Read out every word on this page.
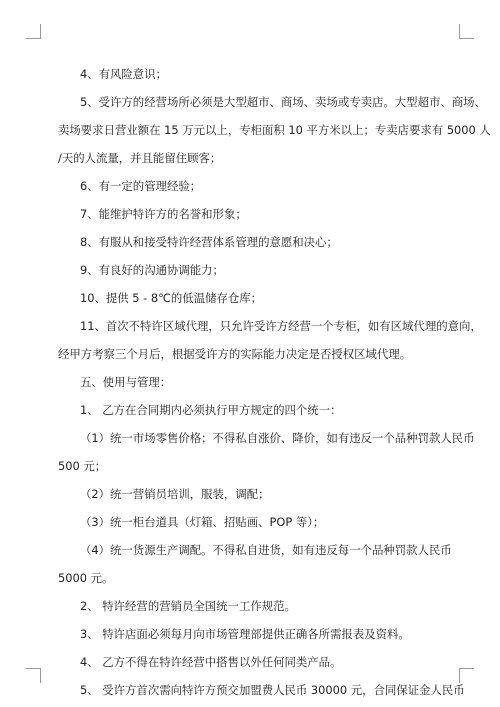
4、有风险意识；

5、受许方的经营场所必须是大型超市、商场、卖场或专卖店。大型超市、商场、

卖场要求日营业额在 15 万元以上，专柜面积 10 平方米以上；专卖店要求有 5000 人

/天的人流量，并且能留住顾客；

6、有一定的管理经验；

7、能维护特许方的名誉和形象；

8、有服从和接受特许经营体系管理的意愿和决心；

9、有良好的沟通协调能力；

10、提供 5 - 8℃的低温储存仓库；

11、首次不特许区域代理，只允许受许方经营一个专柜，如有区域代理的意向，

经甲方考察三个月后，根据受许方的实际能力决定是否授权区域代理。

五、使用与管理：

1、 乙方在合同期内必须执行甲方规定的四个统一：

（1）统一市场零售价格；不得私自涨价、降价，如有违反一个品种罚款人民币

500 元；

（2）统一营销员培训，服装，调配；

（3）统一柜台道具（灯箱、招贴画、POP 等）；

（4）统一货源生产调配。不得私自进货，如有违反每一个品种罚款人民币

5000 元。

2、 特许经营的营销员全国统一工作规范。

3、 特许店面必须每月向市场管理部提供正确各所需报表及资料。

4、 乙方不得在特许经营中搭售以外任何同类产品。

5、 受许方首次需向特许方预交加盟费人民币 30000 元，合同保证金人民币
